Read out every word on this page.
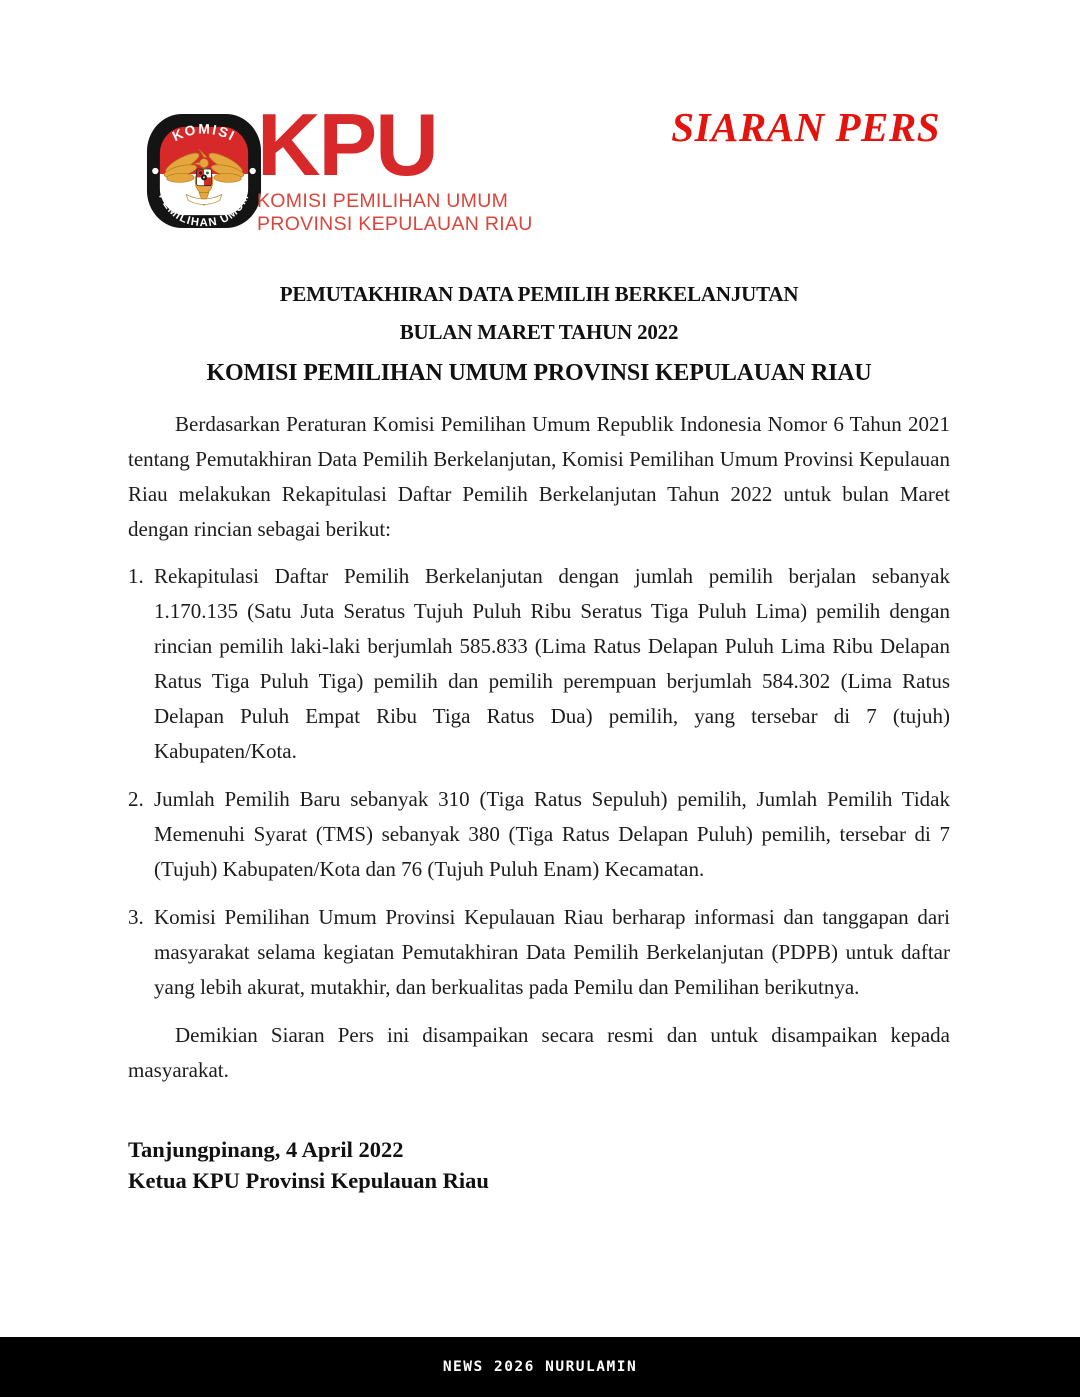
KOMISI
PEMILIHAN UMUM
KPU
KOMISI PEMILIHAN UMUM
PROVINSI KEPULAUAN RIAU
SIARAN PERS

PEMUTAKHIRAN DATA PEMILIH BERKELANJUTAN

BULAN MARET TAHUN 2022

KOMISI PEMILIHAN UMUM PROVINSI KEPULAUAN RIAU

Berdasarkan Peraturan Komisi Pemilihan Umum Republik Indonesia Nomor 6 Tahun 2021 tentang Pemutakhiran Data Pemilih Berkelanjutan, Komisi Pemilihan Umum Provinsi Kepulauan Riau melakukan Rekapitulasi Daftar Pemilih Berkelanjutan Tahun 2022 untuk bulan Maret dengan rincian sebagai berikut:

1. Rekapitulasi Daftar Pemilih Berkelanjutan dengan jumlah pemilih berjalan sebanyak 1.170.135 (Satu Juta Seratus Tujuh Puluh Ribu Seratus Tiga Puluh Lima) pemilih dengan rincian pemilih laki-laki berjumlah 585.833 (Lima Ratus Delapan Puluh Lima Ribu Delapan Ratus Tiga Puluh Tiga) pemilih dan pemilih perempuan berjumlah 584.302 (Lima Ratus Delapan Puluh Empat Ribu Tiga Ratus Dua) pemilih, yang tersebar di 7 (tujuh) Kabupaten/Kota.

2. Jumlah Pemilih Baru sebanyak 310 (Tiga Ratus Sepuluh) pemilih, Jumlah Pemilih Tidak Memenuhi Syarat (TMS) sebanyak 380 (Tiga Ratus Delapan Puluh) pemilih, tersebar di 7 (Tujuh) Kabupaten/Kota dan 76 (Tujuh Puluh Enam) Kecamatan.

3. Komisi Pemilihan Umum Provinsi Kepulauan Riau berharap informasi dan tanggapan dari masyarakat selama kegiatan Pemutakhiran Data Pemilih Berkelanjutan (PDPB) untuk daftar yang lebih akurat, mutakhir, dan berkualitas pada Pemilu dan Pemilihan berikutnya.

Demikian Siaran Pers ini disampaikan secara resmi dan untuk disampaikan kepada masyarakat.

Tanjungpinang, 4 April 2022
Ketua KPU Provinsi Kepulauan Riau
NEWS 2026 NURULAMIN
